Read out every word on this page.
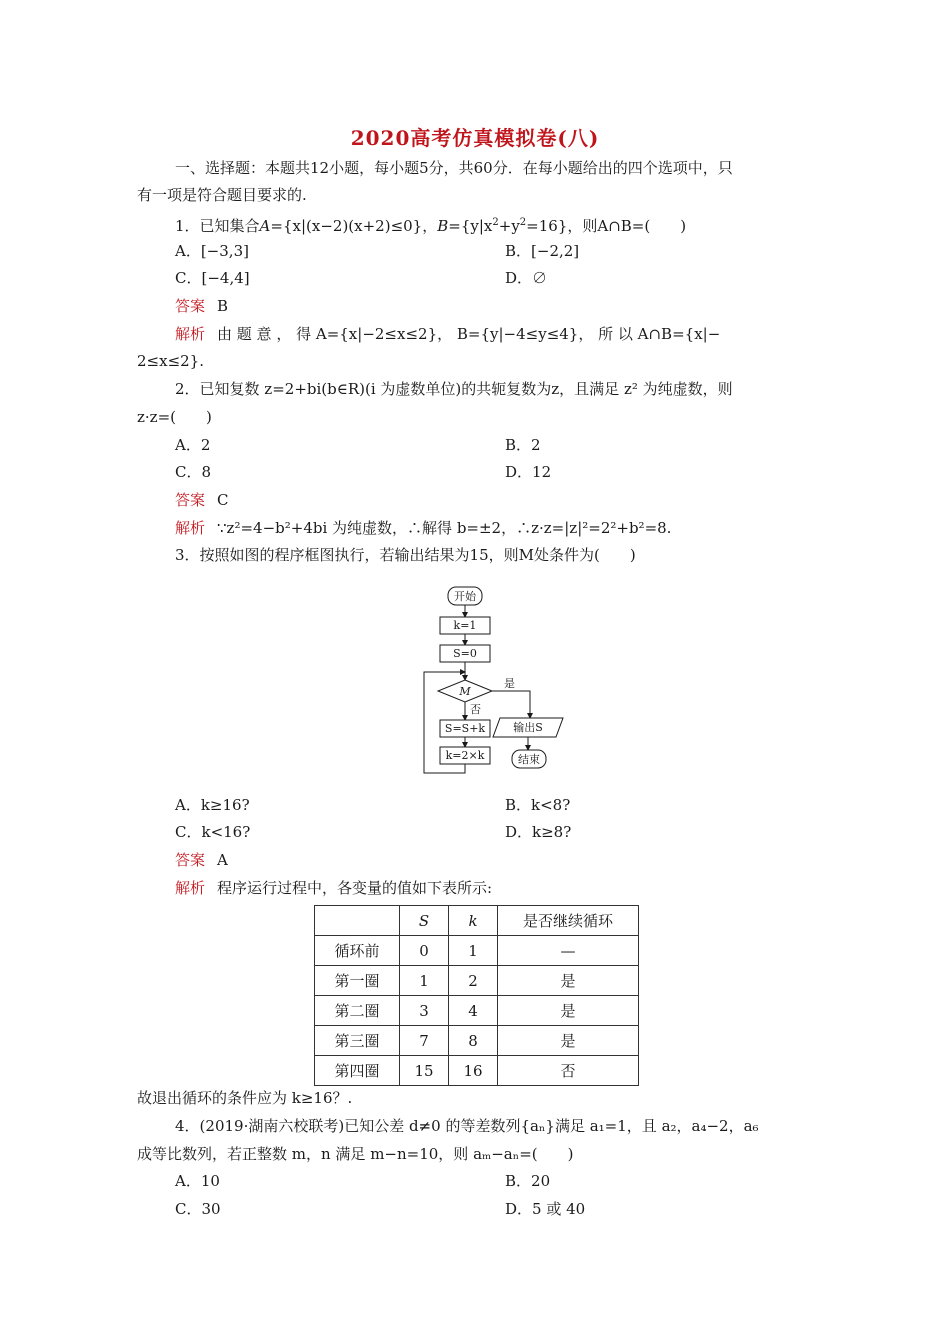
2020高考仿真模拟卷(八)
一、选择题：本题共12小题，每小题5分，共60分．在每小题给出的四个选项中，只
有一项是符合题目要求的.
1．已知集合A={x|(x−2)(x+2)≤0}，$B=\{y|x^2+y^2=16\}$，则A∩B=(　　)
A．[−3,3]	B．[−2,2]
C．[−4,4]	D．∅
答案 B
解析 由 题 意 ， 得 A={x|−2≤x≤2}， B={y|−4≤y≤4}， 所 以 A∩B={x|−
2≤x≤2}.
2．已知复数 z=2+bi(b∈R)(i 为虚数单位)的共轭复数为z，且满足 z² 为纯虚数，则
z·z=(　　)
A．2	B．2
C．8	D．12
答案 C
解析 ∵z²=4−b²+4bi 为纯虚数，∴解得 b=±2，∴z·z=|z|²=2²+b²=8.
3．按照如图的程序框图执行，若输出结果为15，则M处条件为(　　)
开始
k=1
S=0
M
是
输出S
结束
否
S=S+k
k=2×k
A．k≥16?	B．k<8?
C．k<16?	D．k≥8?
答案 A
解析 程序运行过程中，各变量的值如下表所示:
	S	k	是否继续循环
循环前	0	1	—
第一圈	1	2	是
第二圈	3	4	是
第三圈	7	8	是
第四圈	15	16	否
故退出循环的条件应为 k≥16？.
4．(2019·湖南六校联考)已知公差 d≠0 的等差数列{aₙ}满足 a₁=1，且 a₂，a₄−2，a₆
成等比数列，若正整数 m，n 满足 m−n=10，则 aₘ−aₙ=(　　)
A．10	B．20
C．30	D．5 或 40
